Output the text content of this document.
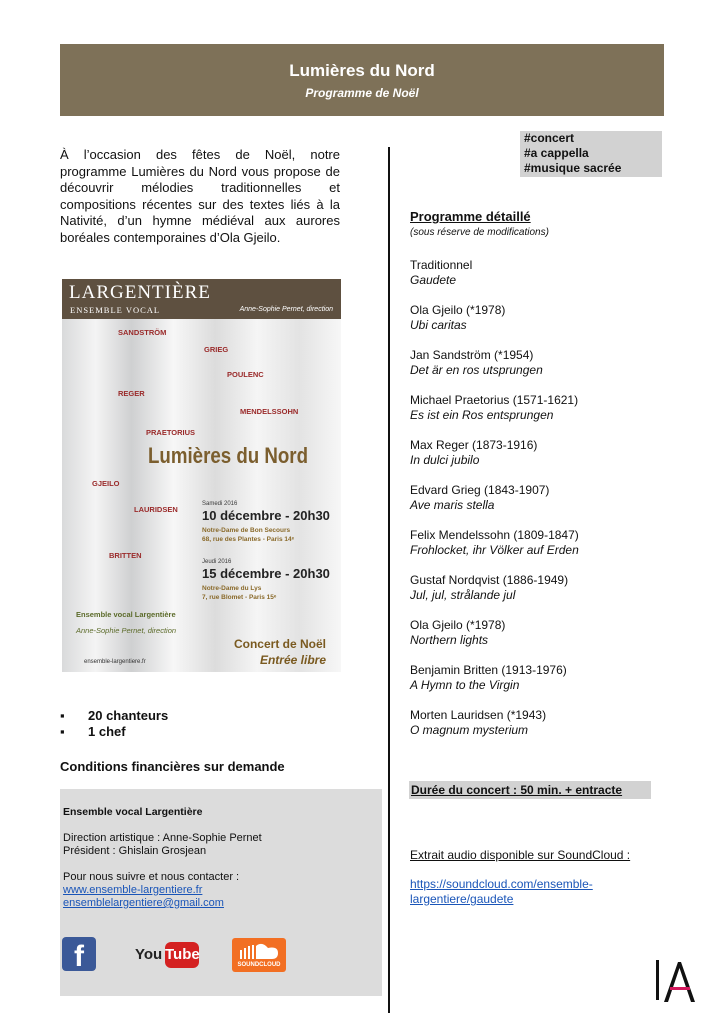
Lumières du Nord
Programme de Noël
À l’occasion des fêtes de Noël, notre programme Lumières du Nord vous propose de découvrir mélodies traditionnelles et compositions récentes sur des textes liés à la Nativité, d’un hymne médiéval aux aurores boréales contemporaines d’Ola Gjeilo.
LARGENTIÈRE
ENSEMBLE VOCAL	Anne-Sophie Pernet, direction
SANDSTRÖM
GRIEG
POULENC
REGER
MENDELSSOHN
PRAETORIUS
GJEILO
LAURIDSEN
BRITTEN
Lumières du Nord
Samedi 2016
10 décembre - 20h30
Notre-Dame de Bon Secours
68, rue des Plantes - Paris 14ᵉ
Jeudi 2016
15 décembre - 20h30
Notre-Dame du Lys
7, rue Blomet - Paris 15ᵉ
Ensemble vocal Largentière
Anne-Sophie Pernet, direction
Concert de Noël
Entrée libre
ensemble-largentiere.fr
▪	20 chanteurs
▪	1 chef
Conditions financières sur demande
Ensemble vocal Largentière
Direction artistique : Anne-Sophie Pernet
Président : Ghislain Grosjean
Pour nous suivre et nous contacter :
www.ensemble-largentiere.fr
ensemblelargentiere@gmail.com
f	You Tube
SOUNDCLOUD
#concert
#a cappella
#musique sacrée
Programme détaillé
(sous réserve de modifications)
Traditionnel
Gaudete
Ola Gjeilo (*1978)
Ubi caritas
Jan Sandström (*1954)
Det är en ros utsprungen
Michael Praetorius (1571-1621)
Es ist ein Ros entsprungen
Max Reger (1873-1916)
In dulci jubilo
Edvard Grieg (1843-1907)
Ave maris stella
Felix Mendelssohn (1809-1847)
Frohlocket, ihr Völker auf Erden
Gustaf Nordqvist (1886-1949)
Jul, jul, strålande jul
Ola Gjeilo (*1978)
Northern lights
Benjamin Britten (1913-1976)
A Hymn to the Virgin
Morten Lauridsen (*1943)
O magnum mysterium
Durée du concert : 50 min. + entracte
Extrait audio disponible sur SoundCloud :
https://soundcloud.com/ensemble-largentiere/gaudete
